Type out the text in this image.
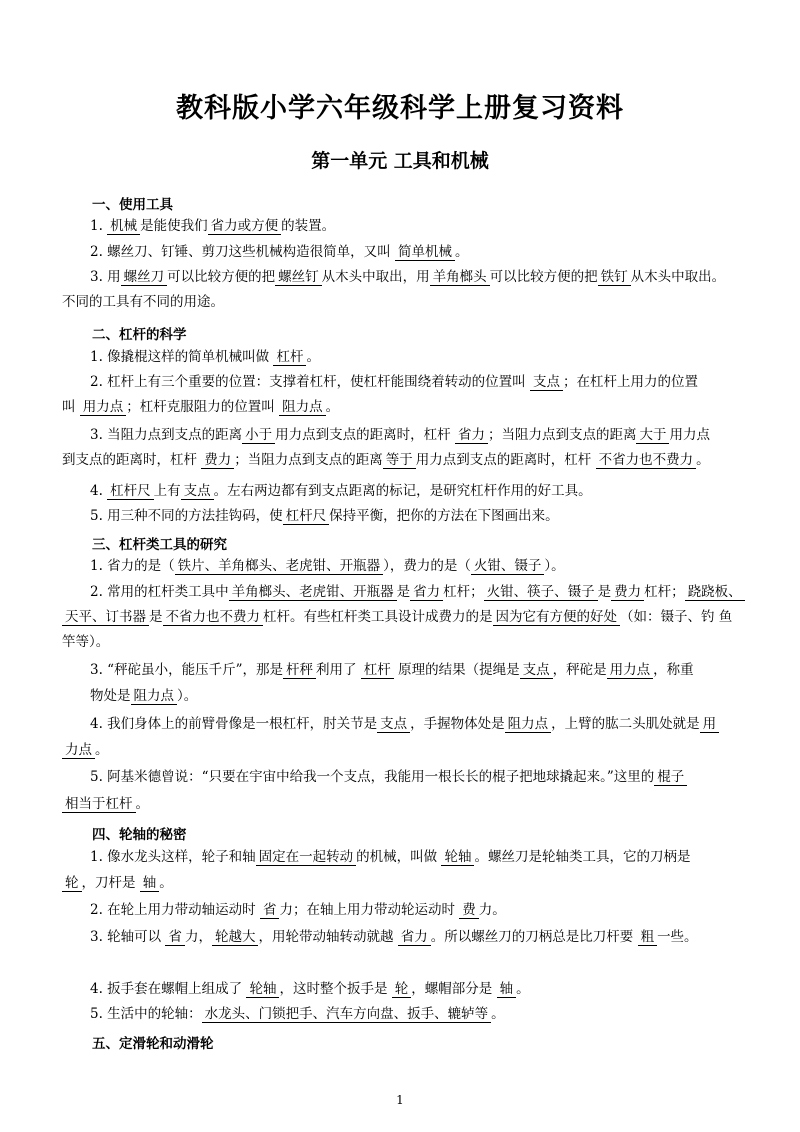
教科版小学六年级科学上册复习资料
第一单元 工具和机械
一、使用工具
1. 机械 是能使我们 省力或方便 的装置。
2. 螺丝刀、钉锤、剪刀这些机械构造很简单，又叫 简单机械 。
3. 用 螺丝刀 可以比较方便的把 螺丝钉 从木头中取出，用 羊角榔头 可以比较方便的把 铁钉 从木头中取出。
不同的工具有不同的用途。
二、杠杆的科学
1. 像撬棍这样的简单机械叫做 杠杆 。
2. 杠杆上有三个重要的位置：支撑着杠杆，使杠杆能围绕着转动的位置叫 支点 ；在杠杆上用力的位置
叫 用力点 ；杠杆克服阻力的位置叫 阻力点 。
3. 当阻力点到支点的距离 小于 用力点到支点的距离时，杠杆 省力 ；当阻力点到支点的距离 大于 用力点
到支点的距离时，杠杆 费力 ；当阻力点到支点的距离 等于 用力点到支点的距离时，杠杆 不省力也不费力 。
4. 杠杆尺 上有 支点 。左右两边都有到支点距离的标记，是研究杠杆作用的好工具。
5. 用三种不同的方法挂钩码，使 杠杆尺 保持平衡，把你的方法在下图画出来。
三、杠杆类工具的研究
1. 省力的是（ 铁片、羊角榔头、老虎钳、开瓶器 ），费力的是（ 火钳、镊子 ）。
2. 常用的杠杆类工具中 羊角榔头、老虎钳、开瓶器 是 省力 杠杆； 火钳、筷子、镊子 是 费力 杠杆； 跷跷板、
天平、订书器 是 不省力也不费力 杠杆。有些杠杆类工具设计成费力的是 因为它有方便的好处 （如：镊子、钓 鱼
竿等）。
3. “秤砣虽小，能压千斤”，那是 杆秤 利用了 杠杆 原理的结果（提绳是 支点 ，秤砣是 用力点 ，称重
物处是 阻力点 ）。
4. 我们身体上的前臂骨像是一根杠杆，肘关节是 支点 ，手握物体处是 阻力点 ，上臂的肱二头肌处就是 用
力点 。
5. 阿基米德曾说：“只要在宇宙中给我一个支点，我能用一根长长的棍子把地球撬起来。”这里的 棍子
相当于杠杆 。
四、轮轴的秘密
1. 像水龙头这样，轮子和轴 固定在一起转动 的机械，叫做 轮轴 。螺丝刀是轮轴类工具，它的刀柄是
轮 ，刀杆是 轴 。
2. 在轮上用力带动轴运动时 省 力；在轴上用力带动轮运动时 费 力。
3. 轮轴可以 省 力， 轮越大 ，用轮带动轴转动就越 省力 。所以螺丝刀的刀柄总是比刀杆要 粗 一些。
4. 扳手套在螺帽上组成了 轮轴 ，这时整个扳手是 轮 ，螺帽部分是 轴 。
5. 生活中的轮轴： 水龙头、门锁把手、汽车方向盘、扳手、辘轳等 。
五、定滑轮和动滑轮
1
